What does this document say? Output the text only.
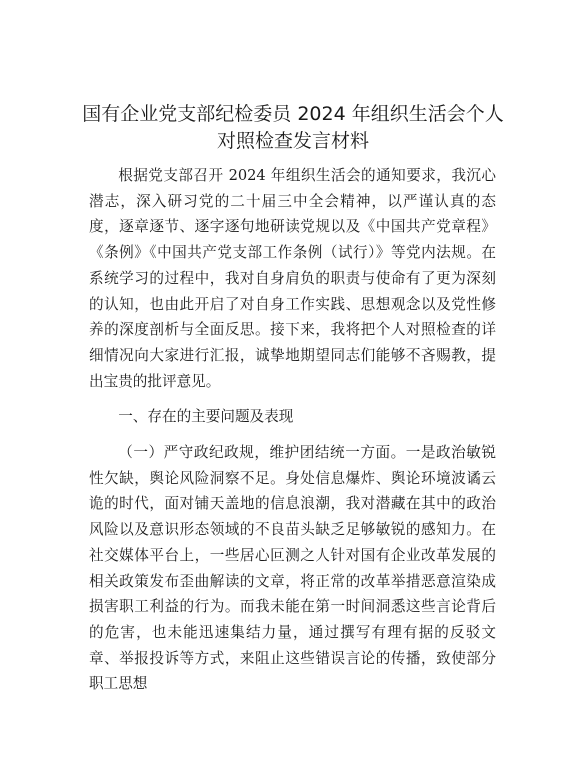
国有企业党支部纪检委员 2024 年组织生活会个人对照检查发言材料

根据党支部召开 2024 年组织生活会的通知要求，我沉心潜志，深入研习党的二十届三中全会精神，以严谨认真的态度，逐章逐节、逐字逐句地研读党规以及《中国共产党章程》《条例》《中国共产党支部工作条例（试行）》等党内法规。在系统学习的过程中，我对自身肩负的职责与使命有了更为深刻的认知，也由此开启了对自身工作实践、思想观念以及党性修养的深度剖析与全面反思。接下来，我将把个人对照检查的详细情况向大家进行汇报，诚挚地期望同志们能够不吝赐教，提出宝贵的批评意见。

一、存在的主要问题及表现

（一）严守政纪政规，维护团结统一方面。一是政治敏锐性欠缺，舆论风险洞察不足。身处信息爆炸、舆论环境波谲云诡的时代，面对铺天盖地的信息浪潮，我对潜藏在其中的政治风险以及意识形态领域的不良苗头缺乏足够敏锐的感知力。在社交媒体平台上，一些居心叵测之人针对国有企业改革发展的相关政策发布歪曲解读的文章，将正常的改革举措恶意渲染成损害职工利益的行为。而我未能在第一时间洞悉这些言论背后的危害，也未能迅速集结力量，通过撰写有理有据的反驳文章、举报投诉等方式，来阻止这些错误言论的传播，致使部分职工思想
